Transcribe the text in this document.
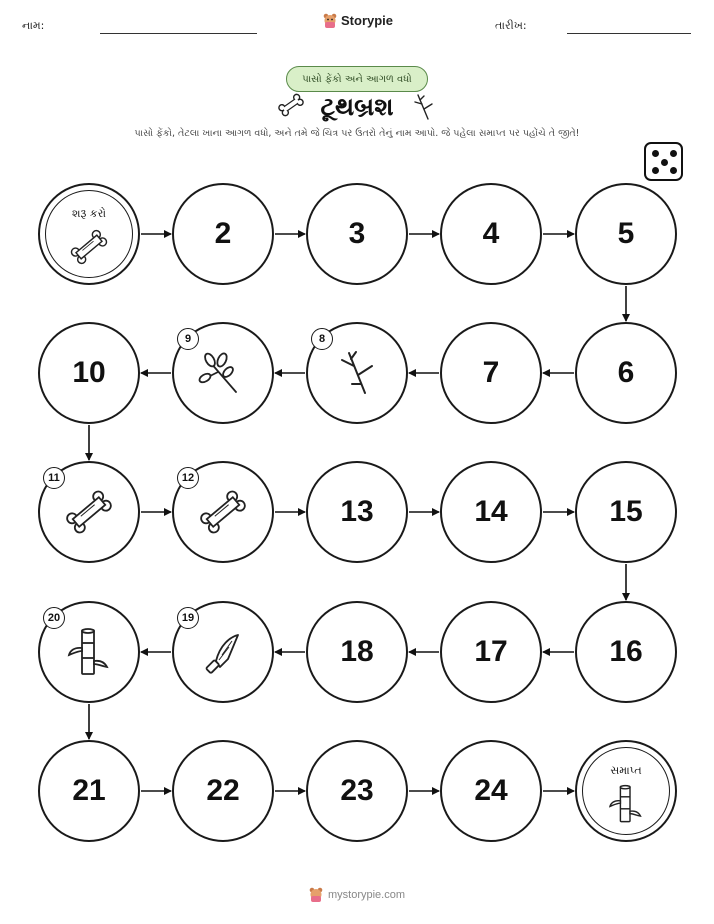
નામ:	Storypie	તારીખ:
પાસો ફેંકો અને આગળ વધો
ટૂથબ્રશ
પાસો ફેંકો, તેટલા ખાના આગળ વધો, અને તમે જે ચિત્ર પર ઉતરો તેનું નામ આપો. જે પહેલા સમાપ્ત પર પહોંચે તે જીતે!
શરૂ કરો
2	3	4	5
6
7
8
9
10
11	12
13	14	15
16
17
18
19
20
21	22	23	24
સમાપ્ત
mystorypie.com
